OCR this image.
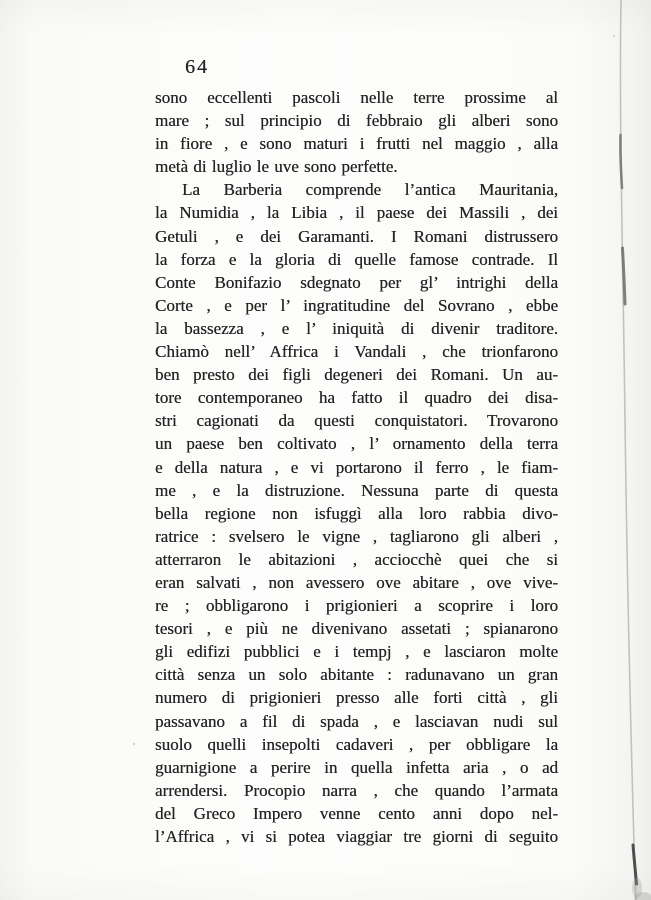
64
sono eccellenti pascoli nelle terre prossime al
mare ; sul principio di febbraio gli alberi sono
in fiore , e sono maturi i frutti nel maggio , alla
metà di luglio le uve sono perfette.
La Barberia comprende l’antica Mauritania,
la Numidia , la Libia , il paese dei Massili , dei
Getuli , e dei Garamanti. I Romani distrussero
la forza e la gloria di quelle famose contrade. Il
Conte Bonifazio sdegnato per gl’ intrighi della
Corte , e per l’ ingratitudine del Sovrano , ebbe
la bassezza , e l’ iniquità di divenir traditore.
Chiamò nell’ Affrica i Vandali , che trionfarono
ben presto dei figli degeneri dei Romani. Un au-
tore contemporaneo ha fatto il quadro dei disa-
stri cagionati da questi conquistatori. Trovarono
un paese ben coltivato , l’ ornamento della terra
e della natura , e vi portarono il ferro , le fiam-
me , e la distruzione. Nessuna parte di questa
bella regione non isfuggì alla loro rabbia divo-
ratrice : svelsero le vigne , tagliarono gli alberi ,
atterraron le abitazioni , acciocchè quei che si
eran salvati , non avessero ove abitare , ove vive-
re ; obbligarono i prigionieri a scoprire i loro
tesori , e più ne divenivano assetati ; spianarono
gli edifizi pubblici e i tempj , e lasciaron molte
città senza un solo abitante : radunavano un gran
numero di prigionieri presso alle forti città , gli
passavano a fil di spada , e lasciavan nudi sul
suolo quelli insepolti cadaveri , per obbligare la
guarnigione a perire in quella infetta aria , o ad
arrendersi. Procopio narra , che quando l’armata
del Greco Impero venne cento anni dopo nel-
l’Affrica , vi si potea viaggiar tre giorni di seguito
